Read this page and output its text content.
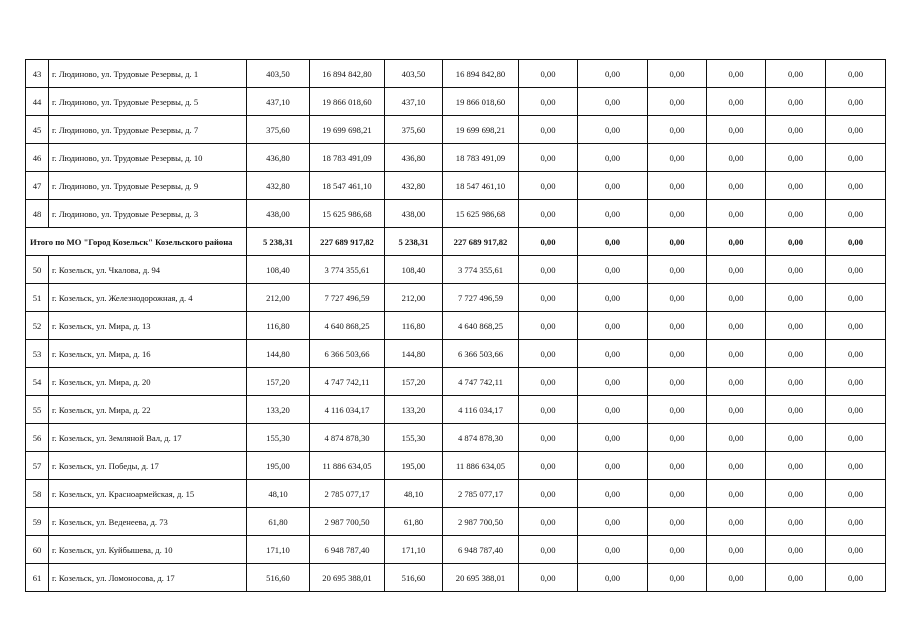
43	г. Людиново, ул. Трудовые Резервы, д. 1	403,50	16 894 842,80	403,50	16 894 842,80	0,00	0,00	0,00	0,00	0,00	0,00
44	г. Людиново, ул. Трудовые Резервы, д. 5	437,10	19 866 018,60	437,10	19 866 018,60	0,00	0,00	0,00	0,00	0,00	0,00
45	г. Людиново, ул. Трудовые Резервы, д. 7	375,60	19 699 698,21	375,60	19 699 698,21	0,00	0,00	0,00	0,00	0,00	0,00
46	г. Людиново, ул. Трудовые Резервы, д. 10	436,80	18 783 491,09	436,80	18 783 491,09	0,00	0,00	0,00	0,00	0,00	0,00
47	г. Людиново, ул. Трудовые Резервы, д. 9	432,80	18 547 461,10	432,80	18 547 461,10	0,00	0,00	0,00	0,00	0,00	0,00
48	г. Людиново, ул. Трудовые Резервы, д. 3	438,00	15 625 986,68	438,00	15 625 986,68	0,00	0,00	0,00	0,00	0,00	0,00
Итого по МО "Город Козельск" Козельского района		5 238,31	227 689 917,82	5 238,31	227 689 917,82	0,00	0,00	0,00	0,00	0,00	0,00
50	г. Козельск, ул. Чкалова, д. 94	108,40	3 774 355,61	108,40	3 774 355,61	0,00	0,00	0,00	0,00	0,00	0,00
51	г. Козельск, ул. Железнодорожная, д. 4	212,00	7 727 496,59	212,00	7 727 496,59	0,00	0,00	0,00	0,00	0,00	0,00
52	г. Козельск, ул. Мира, д. 13	116,80	4 640 868,25	116,80	4 640 868,25	0,00	0,00	0,00	0,00	0,00	0,00
53	г. Козельск, ул. Мира, д. 16	144,80	6 366 503,66	144,80	6 366 503,66	0,00	0,00	0,00	0,00	0,00	0,00
54	г. Козельск, ул. Мира, д. 20	157,20	4 747 742,11	157,20	4 747 742,11	0,00	0,00	0,00	0,00	0,00	0,00
55	г. Козельск, ул. Мира, д. 22	133,20	4 116 034,17	133,20	4 116 034,17	0,00	0,00	0,00	0,00	0,00	0,00
56	г. Козельск, ул. Земляной Вал, д. 17	155,30	4 874 878,30	155,30	4 874 878,30	0,00	0,00	0,00	0,00	0,00	0,00
57	г. Козельск, ул. Победы, д. 17	195,00	11 886 634,05	195,00	11 886 634,05	0,00	0,00	0,00	0,00	0,00	0,00
58	г. Козельск, ул. Красноармейская, д. 15	48,10	2 785 077,17	48,10	2 785 077,17	0,00	0,00	0,00	0,00	0,00	0,00
59	г. Козельск, ул. Веденеева, д. 73	61,80	2 987 700,50	61,80	2 987 700,50	0,00	0,00	0,00	0,00	0,00	0,00
60	г. Козельск, ул. Куйбышева, д. 10	171,10	6 948 787,40	171,10	6 948 787,40	0,00	0,00	0,00	0,00	0,00	0,00
61	г. Козельск, ул. Ломоносова, д. 17	516,60	20 695 388,01	516,60	20 695 388,01	0,00	0,00	0,00	0,00	0,00	0,00
